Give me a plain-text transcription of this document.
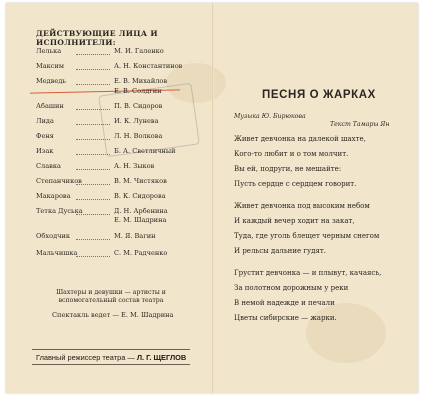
ДЕЙСТВУЮЩИЕ ЛИЦА И ИСПОЛНИТЕЛИ:
Лелька	М. И. Галенко
Максим	А. Н. Константинов
Медведь	Е. В. Михайлов
Е. В. Солдгин
Абашин	П. В. Сидоров
Лида	И. К. Лунева
Феня	Л. Н. Волкова
Изак	Б. А. Светличный
Славка	А. Н. Зыков
Степанчиков	В. М. Чистяков
Макарова	В. К. Сидорова
Тетка Дуська	Д. Н. Арбенина
Е. М. Шадрина
Обходчик	М. Я. Вагин
Мальчишка	С. М. Радченко
Шахтеры и девушки — артисты и вспомогательный состав театра
Спектакль ведет — Е. М. Шадрина
Главный режиссер театра — Л. Г. ЩЕГЛОВ
ПЕСНЯ О ЖАРКАХ
Музыка Ю. Бирюкова
Текст Тамары Ян
Живет девчонка на далекой шахте,
Кого-то любит и о том молчит.
Вы ей, подруги, не мешайте:
Пусть сердце с сердцем говорит.
Живет девчонка под высоким небом
И каждый вечер ходит на закат,
Туда, где уголь блещет черным снегом
И рельсы дальние гудят.
Грустит девчонка — и плывут, качаясь,
За полотном дорожным у реки
В немой надежде и печали
Цветы сибирские — жарки.
